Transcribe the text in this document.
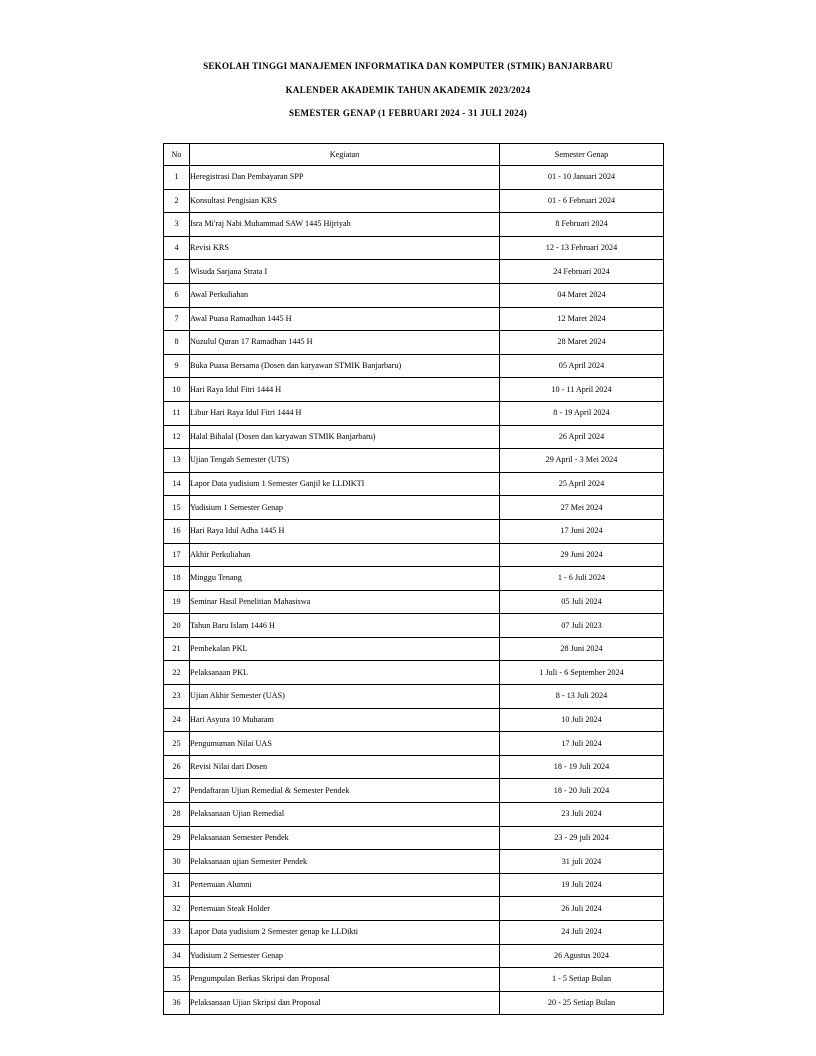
SEKOLAH TINGGI MANAJEMEN INFORMATIKA DAN KOMPUTER (STMIK) BANJARBARU
KALENDER AKADEMIK TAHUN AKADEMIK 2023/2024
SEMESTER GENAP (1 FEBRUARI 2024 - 31 JULI 2024)
No	Kegiatan	Semester Genap
1	Heregistrasi Dan Pembayaran SPP	01 - 10 Januari 2024
2	Konsultasi Pengisian KRS	01 - 6 Februari 2024
3	Isra Mi'raj Nabi Muhammad SAW 1445 Hijriyah	8 Februari 2024
4	Revisi KRS	12 - 13 Februari 2024
5	Wisuda Sarjana Strata I	24 Februari 2024
6	Awal Perkuliahan	04 Maret 2024
7	Awal Puasa Ramadhan 1445 H	12 Maret 2024
8	Nuzulul Quran 17 Ramadhan 1445 H	28 Maret 2024
9	Buka Puasa Bersama (Dosen dan karyawan STMIK Banjarbaru)	05 April 2024
10	Hari Raya Idul Fitri 1444 H	10 - 11 April 2024
11	Libur Hari Raya Idul Fitri 1444 H	8 - 19 April 2024
12	Halal Bihalal (Dosen dan karyawan STMIK Banjarbaru)	26 April 2024
13	Ujian Tengah Semester (UTS)	29 April - 3 Mei 2024
14	Lapor Data yudisium 1 Semester Ganjil ke LLDIKTI	25 April 2024
15	Yudisium 1 Semester Genap	27 Mei 2024
16	Hari Raya Idul Adha 1445 H	17 Juni 2024
17	Akhir Perkuliahan	29 Juni 2024
18	Minggu Tenang	1 - 6 Juli 2024
19	Seminar Hasil Penelitian Mahasiswa	05 Juli 2024
20	Tahun Baru Islam 1446 H	07 Juli 2023
21	Pembekalan PKL	28 Juni 2024
22	Pelaksanaan PKL	1 Juli - 6 September 2024
23	Ujian Akhir Semester (UAS)	8 - 13 Juli 2024
24	Hari Asyura 10 Muharam	10 Juli 2024
25	Pengumuman Nilai UAS	17 Juli 2024
26	Revisi Nilai dari Dosen	18 - 19 Juli 2024
27	Pendaftaran Ujian Remedial & Semester Pendek	18 - 20 Juli 2024
28	Pelaksanaan Ujian Remedial	23 Juli 2024
29	Pelaksanaan Semester Pendek	23 - 29 juli 2024
30	Pelaksanaan ujian Semester Pendek	31 juli 2024
31	Pertemuan Alumni	19 Juli 2024
32	Pertemuan Steak Holder	26 Juli 2024
33	Lapor Data yudisium 2 Semester genap ke LLDikti	24 Juli 2024
34	Yudisium 2 Semester Genap	26 Agustus 2024
35	Pengumpulan Berkas Skripsi dan Proposal	1 - 5 Setiap Bulan
36	Pelaksanaan Ujian Skripsi dan Proposal	20 - 25 Setiap Bulan
